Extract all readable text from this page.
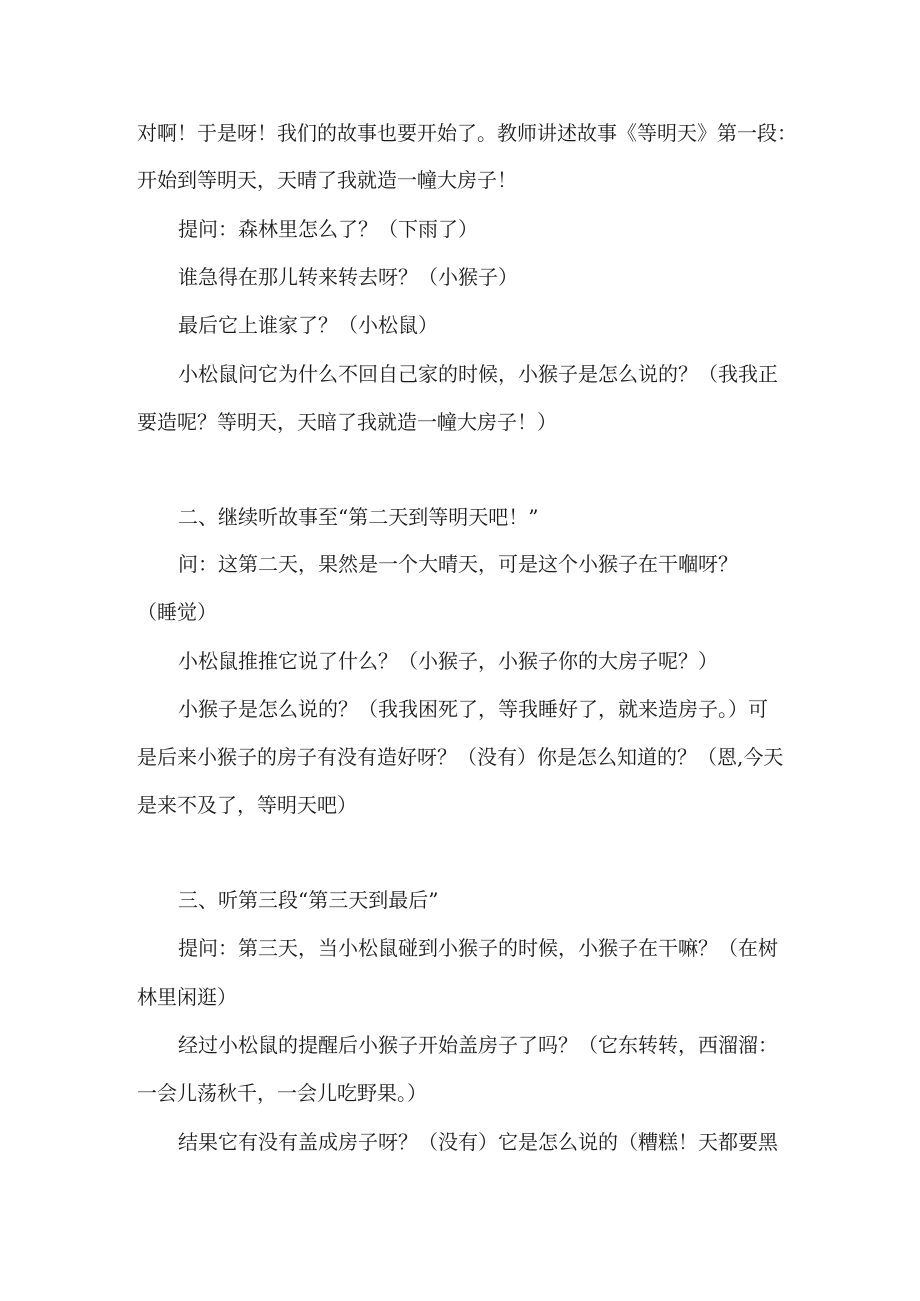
对啊！于是呀！我们的故事也要开始了。教师讲述故事《等明天》第一段：
开始到等明天，天晴了我就造一幢大房子！
提问：森林里怎么了？（下雨了）
谁急得在那儿转来转去呀？（小猴子）
最后它上谁家了？（小松鼠）
小松鼠问它为什么不回自己家的时候，小猴子是怎么说的？（我我正
要造呢？等明天，天暗了我就造一幢大房子！）
二、继续听故事至“第二天到等明天吧！”
问：这第二天，果然是一个大晴天，可是这个小猴子在干嗰呀？
（睡觉）
小松鼠推推它说了什么？（小猴子，小猴子你的大房子呢？）
小猴子是怎么说的？（我我困死了，等我睡好了，就来造房子。）可
是后来小猴子的房子有没有造好呀？（没有）你是怎么知道的？（恩,今天
是来不及了，等明天吧）
三、听第三段“第三天到最后”
提问：第三天，当小松鼠碰到小猴子的时候，小猴子在干嘛？（在树
林里闲逛）
经过小松鼠的提醒后小猴子开始盖房子了吗？（它东转转，西溜溜：
一会儿荡秋千，一会儿吃野果。）
结果它有没有盖成房子呀？（没有）它是怎么说的（糟糕！天都要黑
